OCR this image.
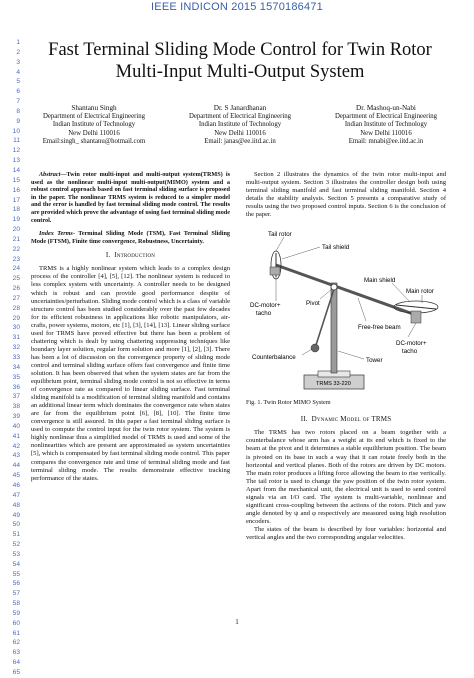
IEEE INDICON 2015 1570186471
1
2
3
4
5
6
7
8
9
10
11
12
13
14
15
16
17
18
19
20
21
22
23
24
25
26
27
28
29
30
31
32
33
34
35
36
37
38
39
40
41
42
43
44
45
46
47
48
49
50
51
52
53
54
55
56
57
58
59
60
61
62
63
64
65
Fast Terminal Sliding Mode Control for Twin Rotor
Multi-Input Multi-Output System
Shantanu Singh
Department of Electrical Engineering
Indian Institute of Technology
New Delhi 110016
Email:singh_ shantanu@hotmail.com
Dr. S Janardhanan
Department of Electrical Engineering
Indian Institute of Technology
New Delhi 110016
Email: janas@ee.iitd.ac.in
Dr. Mashoq-un-Nabi
Department of Electrical Engineering
Indian Institute of Technology
New Delhi 110016
Email: mnabi@ee.iitd.ac.in

Abstract—Twin rotor multi-input and multi-output system(TRMS) is used as the nonlinear multi-input multi-output(MIMO) system and a robust control approach based on fast terminal sliding surface is proposed in the paper. The nonlinear TRMS system is reduced to a simpler model and the error is handled by fast terminal sliding mode control. The results are provided which prove the advantage of using fast terminal sliding mode control.

Index Terms- Terminal Sliding Mode (TSM), Fast Terminal Sliding Mode (FTSM), Finite time convergence, Robustness, Uncertainty.

I. Introduction

TRMS is a highly nonlinear system which leads to a complex design process of the controller [4], [5], [12]. The nonlinear system is reduced to less complex system with uncertainty. A controller needs to be designed which is robust and can provide good performance despite of uncertainties/perturbation. Sliding mode control which is a class of variable structure control has been studied considerably over the past few decades for its efficient robustness in applications like robotic manipulators, air-crafts, power systems, motors, etc [1], [3], [14], [13]. Linear sliding surface used for TRMS have proved effective but there has been a problem of chattering which is dealt by using chattering suppressing techniques like boundary layer solution, regular form solution and more [1], [2], [3]. There has been a lot of discussion on the convergence property of sliding mode control and terminal sliding surface offers fast convergence and finite time solution. It has been observed that when the system states are far from the equilibrium point, terminal sliding mode control is not so effective in terms of convergence rate as compared to linear sliding surface. Fast terminal sliding manifold is a modification of terminal sliding manifold and contains an additional linear term which dominates the convergence rate when states are far from the equilibrium point [6], [8], [10]. The finite time convergence is still assured. In this paper a fast terminal sliding surface is used to compute the control input for the twin rotor system. The system is highly nonlinear thus a simplified model of TRMS is used and some of the nonlinearities which are present are approximated as system uncertainties [5], which is compensated by fast terminal sliding mode control. This paper compares the convergence rate and time of terminal sliding mode and fast terminal sliding mode. The results demonstrate effective tracking performance of the states.

Section 2 illustrates the dynamics of the twin rotor multi-input and multi-output system. Section 3 illustrates the controller design both using terminal sliding manifold and fast terminal sliding manifold. Section 4 details the stability analysis. Section 5 presents a comparative study of results using the two proposed control inputs. Section 6 is the conclusion of the paper.

Tail rotor
Tail shield
Main shield
Main rotor
Pivot
DC-motor+
tacho
Free-free beam
Counterbalance	Tower
DC-motor+
tacho
TRMS 33-220
Fig. 1. Twin Rotor MIMO System
II. Dynamic Model of TRMS

The TRMS has two rotors placed on a beam together with a counterbalance whose arm has a weight at its end which is fixed to the beam at the pivot and it determines a stable equilibrium position. The beam is pivoted on its base in such a way that it can rotate freely both in the horizontal and vertical planes. Both of the rotors are driven by DC motors. The main rotor produces a lifting force allowing the beam to rise vertically. The tail rotor is used to change the yaw position of the twin rotor system. Apart from the mechanical unit, the electrical unit is used to send control signals via an I/O card. The system is multi-variable, nonlinear and significant cross-coupling between the actions of the rotors. Pitch and yaw angle denoted by ψ and φ respectively are measured using high resolution encoders.

The states of the beam is described by four variables: horizontal and vertical angles and the two corresponding angular velocities.

1
